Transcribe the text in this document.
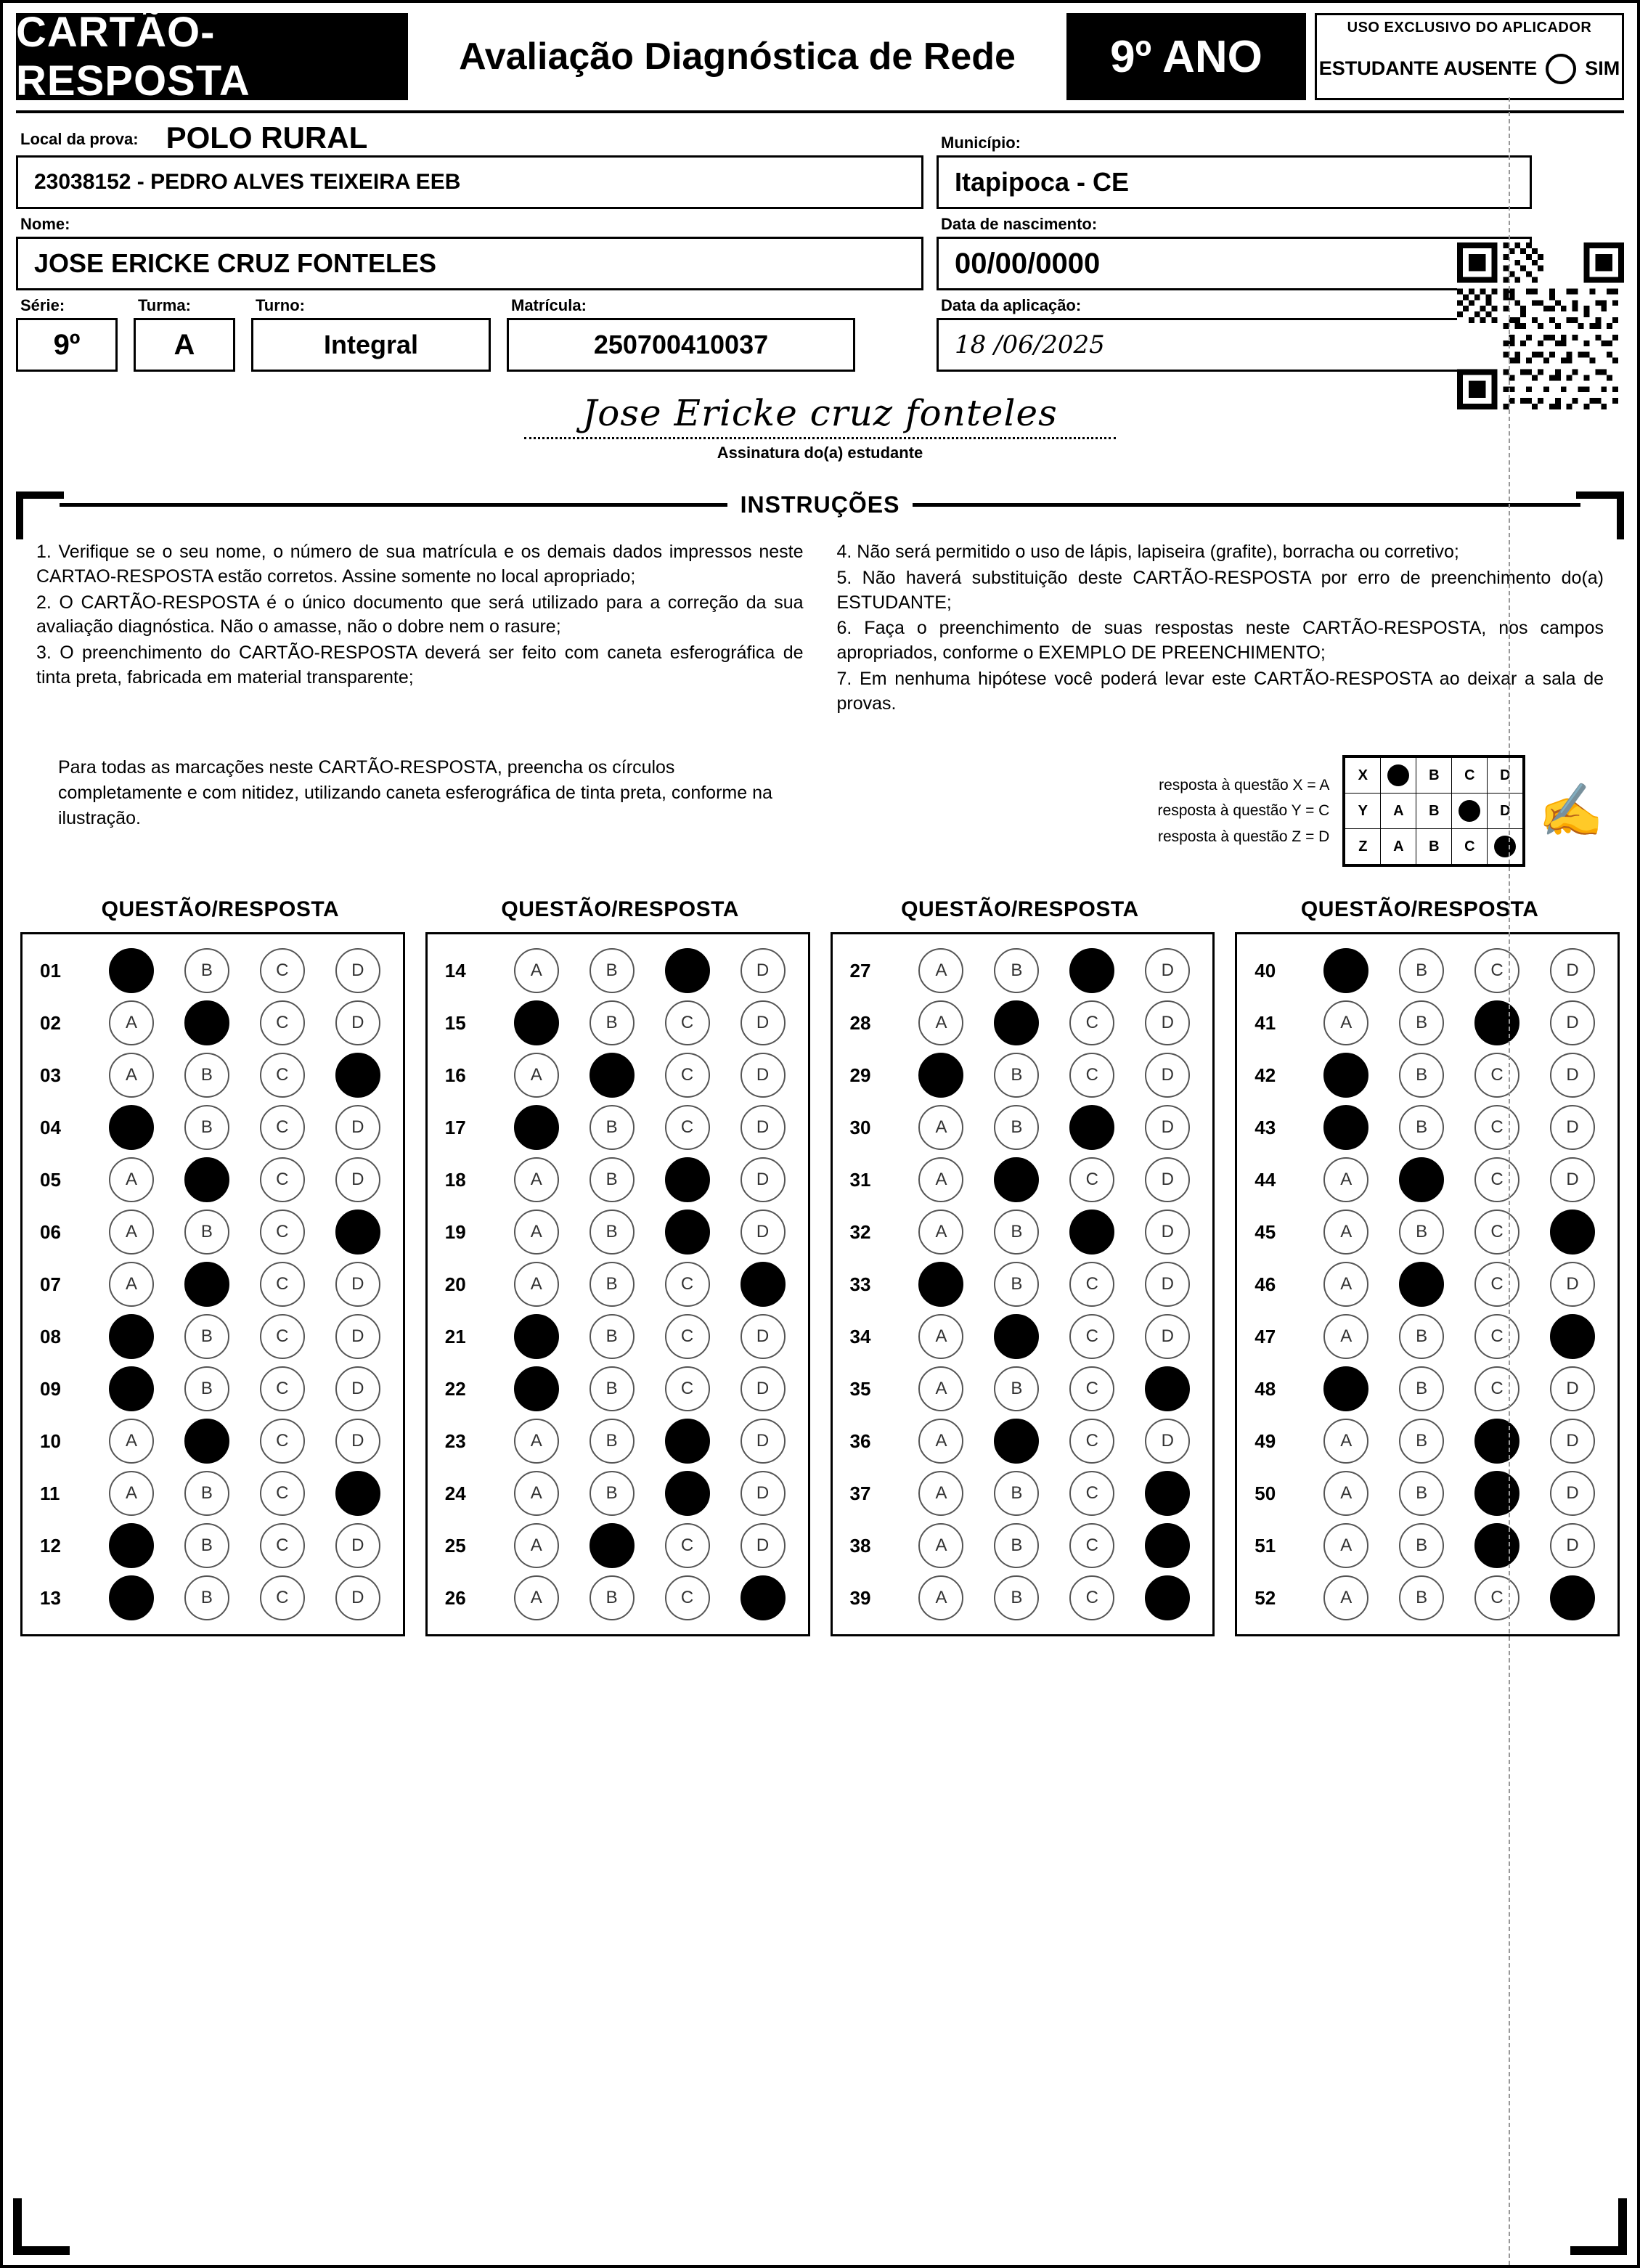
CARTÃO-RESPOSTA
Avaliação Diagnóstica de Rede	9º ANO
USO EXCLUSIVO DO APLICADOR
ESTUDANTE AUSENTE SIM
Local da prova: POLO RURAL
23038152 - PEDRO ALVES TEIXEIRA EEB
Município:
Itapipoca - CE
Nome:
JOSE ERICKE CRUZ FONTELES
Data de nascimento:
00/00/0000
Série:
9º
Turma:
A
Turno:
Integral
Matrícula:
250700410037
Data da aplicação:
18 /06/2025
Jose Ericke cruz fonteles
Assinatura do(a) estudante
INSTRUÇÕES

1. Verifique se o seu nome, o número de sua matrícula e os demais dados impressos neste CARTAO-RESPOSTA estão corretos. Assine somente no local apropriado;

2. O CARTÃO-RESPOSTA é o único documento que será utilizado para a correção da sua avaliação diagnóstica. Não o amasse, não o dobre nem o rasure;

3. O preenchimento do CARTÃO-RESPOSTA deverá ser feito com caneta esferográfica de tinta preta, fabricada em material transparente;

4. Não será permitido o uso de lápis, lapiseira (grafite), borracha ou corretivo;

5. Não haverá substituição deste CARTÃO-RESPOSTA por erro de preenchimento do(a) ESTUDANTE;

6. Faça o preenchimento de suas respostas neste CARTÃO-RESPOSTA, nos campos apropriados, conforme o EXEMPLO DE PREENCHIMENTO;

7. Em nenhuma hipótese você poderá levar este CARTÃO-RESPOSTA ao deixar a sala de provas.

Para todas as marcações neste CARTÃO-RESPOSTA, preencha os círculos completamente e com nitidez, utilizando caneta esferográfica de tinta preta, conforme na ilustração.
resposta à questão X = A
resposta à questão Y = C
resposta à questão Z = D
X		B	C	D
Y	A	B		D
Z	A	B	C	
✍
QUESTÃO/RESPOSTA	QUESTÃO/RESPOSTA	QUESTÃO/RESPOSTA	QUESTÃO/RESPOSTA
01	A	B	C	D
02	A	B	C	D
03	A	B	C	D
04	A	B	C	D
05	A	B	C	D
06	A	B	C	D
07	A	B	C	D
08	A	B	C	D
09	A	B	C	D
10	A	B	C	D
11	A	B	C	D
12	A	B	C	D
13	A	B	C	D
14	A	B	C	D
15	A	B	C	D
16	A	B	C	D
17	A	B	C	D
18	A	B	C	D
19	A	B	C	D
20	A	B	C	D
21	A	B	C	D
22	A	B	C	D
23	A	B	C	D
24	A	B	C	D
25	A	B	C	D
26	A	B	C	D
27	A	B	C	D
28	A	B	C	D
29	A	B	C	D
30	A	B	C	D
31	A	B	C	D
32	A	B	C	D
33	A	B	C	D
34	A	B	C	D
35	A	B	C	D
36	A	B	C	D
37	A	B	C	D
38	A	B	C	D
39	A	B	C	D
40	A	B	C	D
41	A	B	C	D
42	A	B	C	D
43	A	B	C	D
44	A	B	C	D
45	A	B	C	D
46	A	B	C	D
47	A	B	C	D
48	A	B	C	D
49	A	B	C	D
50	A	B	C	D
51	A	B	C	D
52	A	B	C	D
